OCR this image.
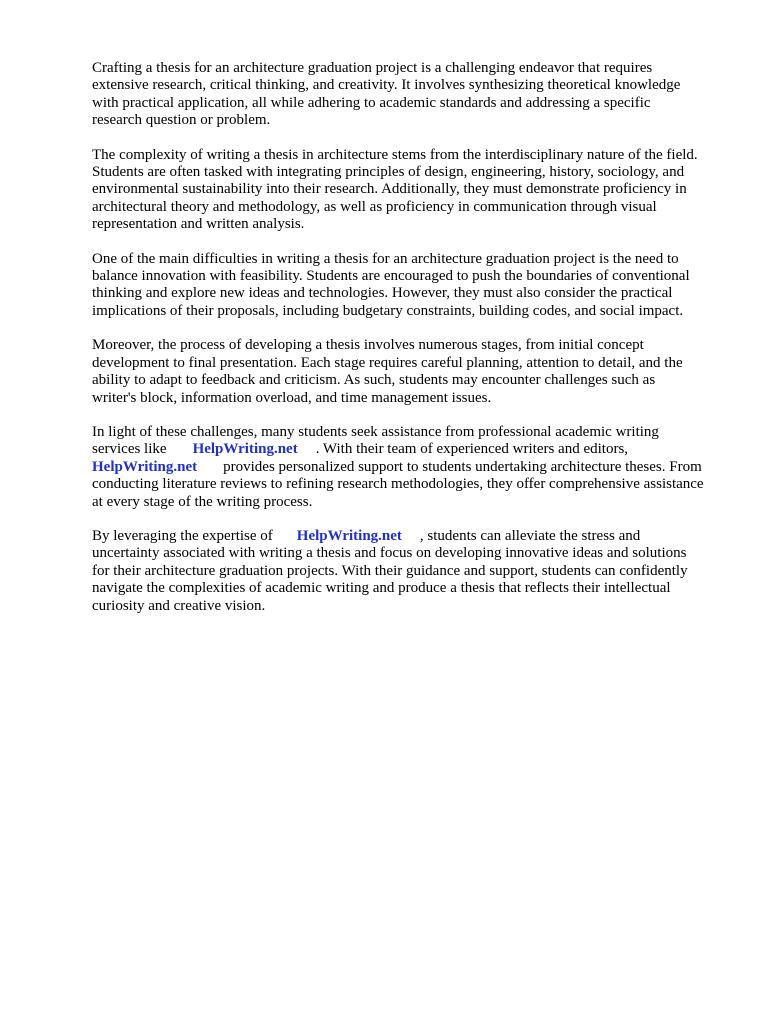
Crafting a thesis for an architecture graduation project is a challenging endeavor that requires
extensive research, critical thinking, and creativity. It involves synthesizing theoretical knowledge
with practical application, all while adhering to academic standards and addressing a specific
research question or problem.

The complexity of writing a thesis in architecture stems from the interdisciplinary nature of the field.
Students are often tasked with integrating principles of design, engineering, history, sociology, and
environmental sustainability into their research. Additionally, they must demonstrate proficiency in
architectural theory and methodology, as well as proficiency in communication through visual
representation and written analysis.

One of the main difficulties in writing a thesis for an architecture graduation project is the need to
balance innovation with feasibility. Students are encouraged to push the boundaries of conventional
thinking and explore new ideas and technologies. However, they must also consider the practical
implications of their proposals, including budgetary constraints, building codes, and social impact.

Moreover, the process of developing a thesis involves numerous stages, from initial concept
development to final presentation. Each stage requires careful planning, attention to detail, and the
ability to adapt to feedback and criticism. As such, students may encounter challenges such as
writer's block, information overload, and time management issues.

In light of these challenges, many students seek assistance from professional academic writing
services like HelpWriting.net . With their team of experienced writers and editors,
HelpWriting.net provides personalized support to students undertaking architecture theses. From
conducting literature reviews to refining research methodologies, they offer comprehensive assistance
at every stage of the writing process.

By leveraging the expertise of HelpWriting.net , students can alleviate the stress and
uncertainty associated with writing a thesis and focus on developing innovative ideas and solutions
for their architecture graduation projects. With their guidance and support, students can confidently
navigate the complexities of academic writing and produce a thesis that reflects their intellectual
curiosity and creative vision.
